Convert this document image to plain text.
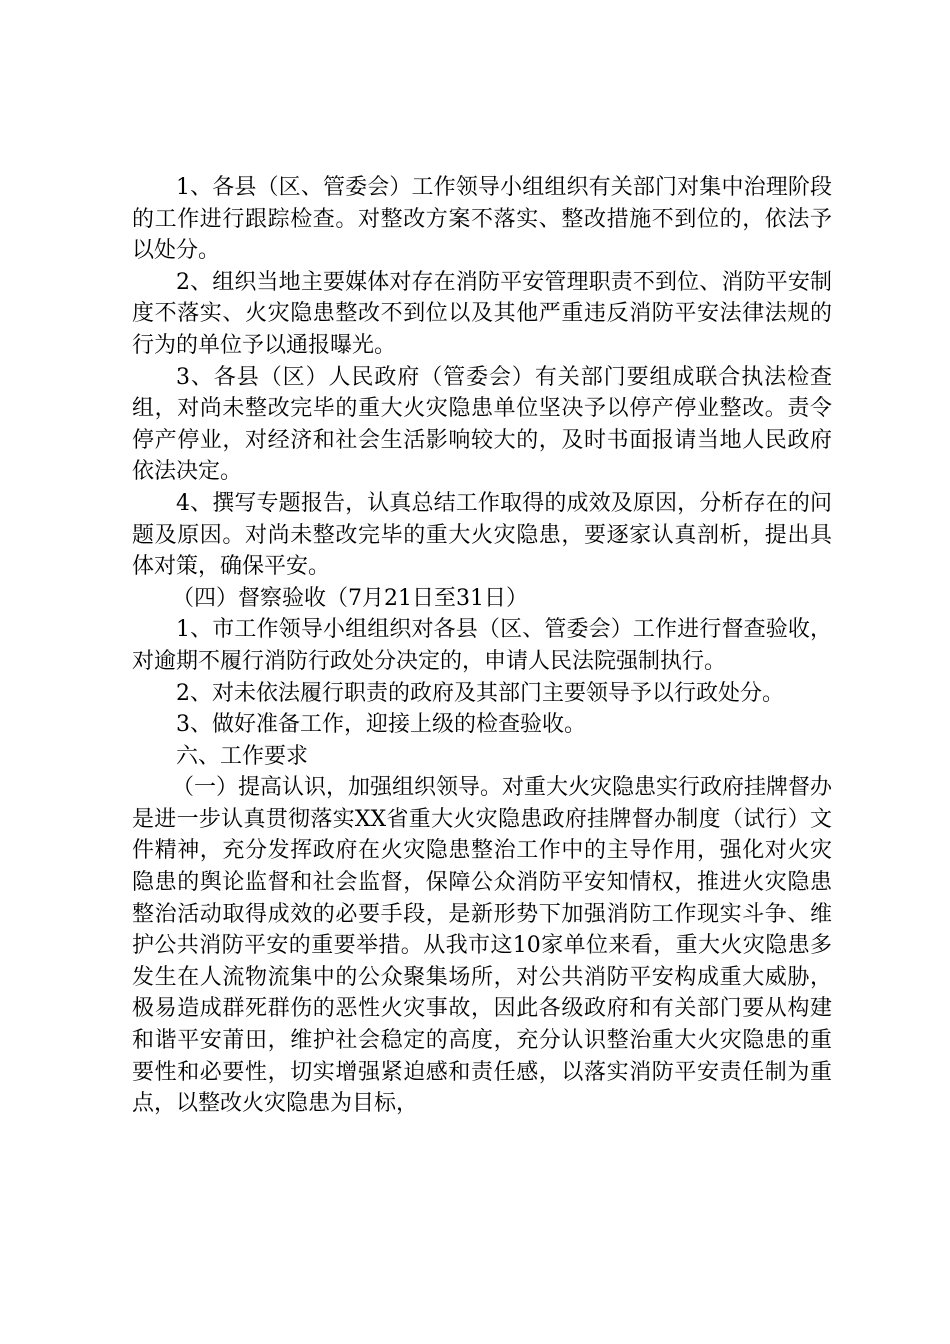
1、各县（区、管委会）工作领导小组组织有关部门对集中治理阶段的工作进行跟踪检查。对整改方案不落实、整改措施不到位的，依法予以处分。

2、组织当地主要媒体对存在消防平安管理职责不到位、消防平安制度不落实、火灾隐患整改不到位以及其他严重违反消防平安法律法规的行为的单位予以通报曝光。

3、各县（区）人民政府（管委会）有关部门要组成联合执法检查组，对尚未整改完毕的重大火灾隐患单位坚决予以停产停业整改。责令停产停业，对经济和社会生活影响较大的，及时书面报请当地人民政府依法决定。

4、撰写专题报告，认真总结工作取得的成效及原因，分析存在的问题及原因。对尚未整改完毕的重大火灾隐患，要逐家认真剖析，提出具体对策，确保平安。

（四）督察验收（7月21日至31日）

1、市工作领导小组组织对各县（区、管委会）工作进行督查验收，对逾期不履行消防行政处分决定的，申请人民法院强制执行。

2、对未依法履行职责的政府及其部门主要领导予以行政处分。

3、做好准备工作，迎接上级的检查验收。

六、工作要求

（一）提高认识，加强组织领导。对重大火灾隐患实行政府挂牌督办是进一步认真贯彻落实XX省重大火灾隐患政府挂牌督办制度（试行）文件精神，充分发挥政府在火灾隐患整治工作中的主导作用，强化对火灾隐患的舆论监督和社会监督，保障公众消防平安知情权，推进火灾隐患整治活动取得成效的必要手段，是新形势下加强消防工作现实斗争、维护公共消防平安的重要举措。从我市这10家单位来看，重大火灾隐患多发生在人流物流集中的公众聚集场所，对公共消防平安构成重大威胁，极易造成群死群伤的恶性火灾事故，因此各级政府和有关部门要从构建和谐平安莆田，维护社会稳定的高度，充分认识整治重大火灾隐患的重要性和必要性，切实增强紧迫感和责任感，以落实消防平安责任制为重点，以整改火灾隐患为目标，
